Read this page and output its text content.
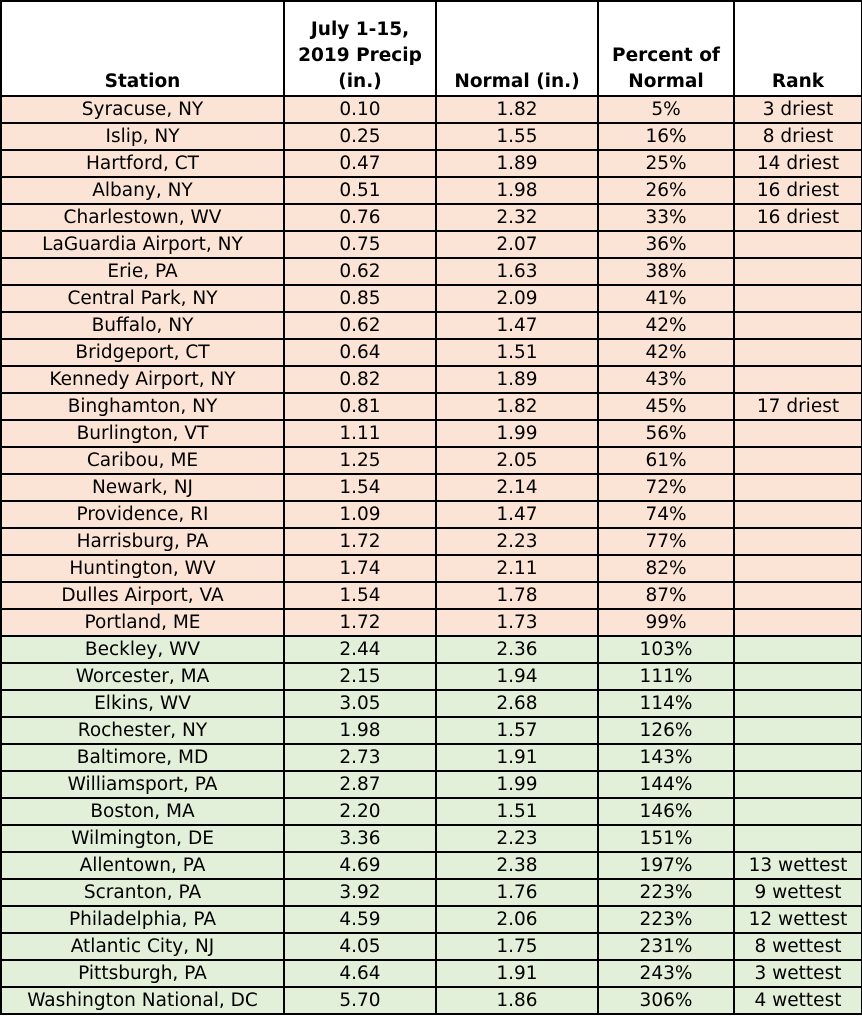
Station	July 1-15, 2019 Precip (in.)	Normal (in.)	Percent of Normal	Rank
Syracuse, NY	0.10	1.82	5%	3 driest
Islip, NY	0.25	1.55	16%	8 driest
Hartford, CT	0.47	1.89	25%	14 driest
Albany, NY	0.51	1.98	26%	16 driest
Charlestown, WV	0.76	2.32	33%	16 driest
LaGuardia Airport, NY	0.75	2.07	36%	
Erie, PA	0.62	1.63	38%	
Central Park, NY	0.85	2.09	41%	
Buffalo, NY	0.62	1.47	42%	
Bridgeport, CT	0.64	1.51	42%	
Kennedy Airport, NY	0.82	1.89	43%	
Binghamton, NY	0.81	1.82	45%	17 driest
Burlington, VT	1.11	1.99	56%	
Caribou, ME	1.25	2.05	61%	
Newark, NJ	1.54	2.14	72%	
Providence, RI	1.09	1.47	74%	
Harrisburg, PA	1.72	2.23	77%	
Huntington, WV	1.74	2.11	82%	
Dulles Airport, VA	1.54	1.78	87%	
Portland, ME	1.72	1.73	99%	
Beckley, WV	2.44	2.36	103%	
Worcester, MA	2.15	1.94	111%	
Elkins, WV	3.05	2.68	114%	
Rochester, NY	1.98	1.57	126%	
Baltimore, MD	2.73	1.91	143%	
Williamsport, PA	2.87	1.99	144%	
Boston, MA	2.20	1.51	146%	
Wilmington, DE	3.36	2.23	151%	
Allentown, PA	4.69	2.38	197%	13 wettest
Scranton, PA	3.92	1.76	223%	9 wettest
Philadelphia, PA	4.59	2.06	223%	12 wettest
Atlantic City, NJ	4.05	1.75	231%	8 wettest
Pittsburgh, PA	4.64	1.91	243%	3 wettest
Washington National, DC	5.70	1.86	306%	4 wettest
